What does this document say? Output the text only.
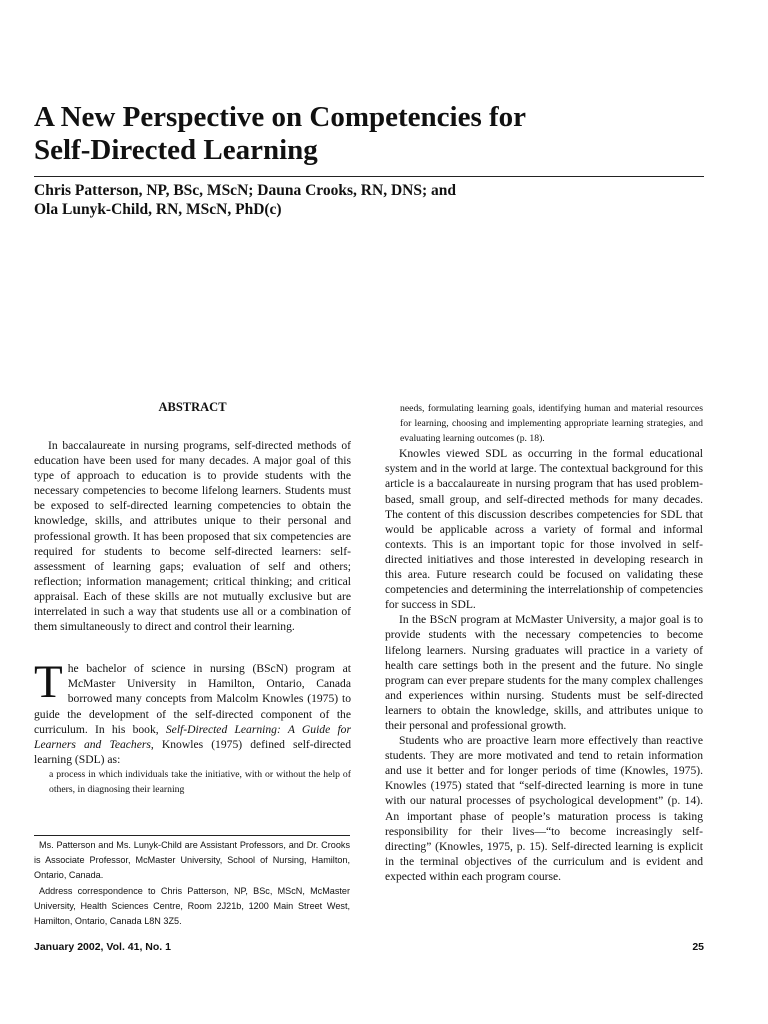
A New Perspective on Competencies for
Self-Directed Learning

Chris Patterson, NP, BSc, MScN; Dauna Crooks, RN, DNS; and
Ola Lunyk-Child, RN, MScN, PhD(c)

ABSTRACT

In baccalaureate in nursing programs, self-directed methods of education have been used for many decades. A major goal of this type of approach to education is to provide students with the necessary competencies to become lifelong learners. Students must be exposed to self-directed learning competencies to obtain the knowledge, skills, and attributes unique to their personal and professional growth. It has been proposed that six competencies are required for students to become self-directed learners: self-assessment of learning gaps; evaluation of self and others; reflection; information management; critical thinking; and critical appraisal. Each of these skills are not mutually exclusive but are interrelated in such a way that students use all or a combination of them simultaneously to direct and control their learning.

T he bachelor of science in nursing (BScN) program at McMaster University in Hamilton, Ontario, Canada borrowed many concepts from Malcolm Knowles (1975) to guide the development of the self-directed component of the curriculum. In his book, Self-Directed Learning: A Guide for Learners and Teachers, Knowles (1975) defined self-directed learning (SDL) as:

a process in which individuals take the initiative, with or without the help of others, in diagnosing their learning

Ms. Patterson and Ms. Lunyk-Child are Assistant Professors, and Dr. Crooks is Associate Professor, McMaster University, School of Nursing, Hamilton, Ontario, Canada.

Address correspondence to Chris Patterson, NP, BSc, MScN, McMaster University, Health Sciences Centre, Room 2J21b, 1200 Main Street West, Hamilton, Ontario, Canada L8N 3Z5.

needs, formulating learning goals, identifying human and material resources for learning, choosing and implementing appropriate learning strategies, and evaluating learning outcomes (p. 18).

Knowles viewed SDL as occurring in the formal educational system and in the world at large. The contextual background for this article is a baccalaureate in nursing program that has used problem-based, small group, and self-directed methods for many decades. The content of this discussion describes competencies for SDL that would be applicable across a variety of formal and informal contexts. This is an important topic for those involved in self-directed initiatives and those interested in developing research in this area. Future research could be focused on validating these competencies and determining the interrelationship of competencies for success in SDL.

In the BScN program at McMaster University, a major goal is to provide students with the necessary competencies to become lifelong learners. Nursing graduates will practice in a variety of health care settings both in the present and the future. No single program can ever prepare students for the many complex challenges and experiences within nursing. Students must be self-directed learners to obtain the knowledge, skills, and attributes unique to their personal and professional growth.

Students who are proactive learn more effectively than reactive students. They are more motivated and tend to retain information and use it better and for longer periods of time (Knowles, 1975). Knowles (1975) stated that “self-directed learning is more in tune with our natural processes of psychological development” (p. 14). An important phase of people’s maturation process is taking responsibility for their lives—“to become increasingly self-directing” (Knowles, 1975, p. 15). Self-directed learning is explicit in the terminal objectives of the curriculum and is evident and expected within each program course.

January 2002, Vol. 41, No. 1	25
